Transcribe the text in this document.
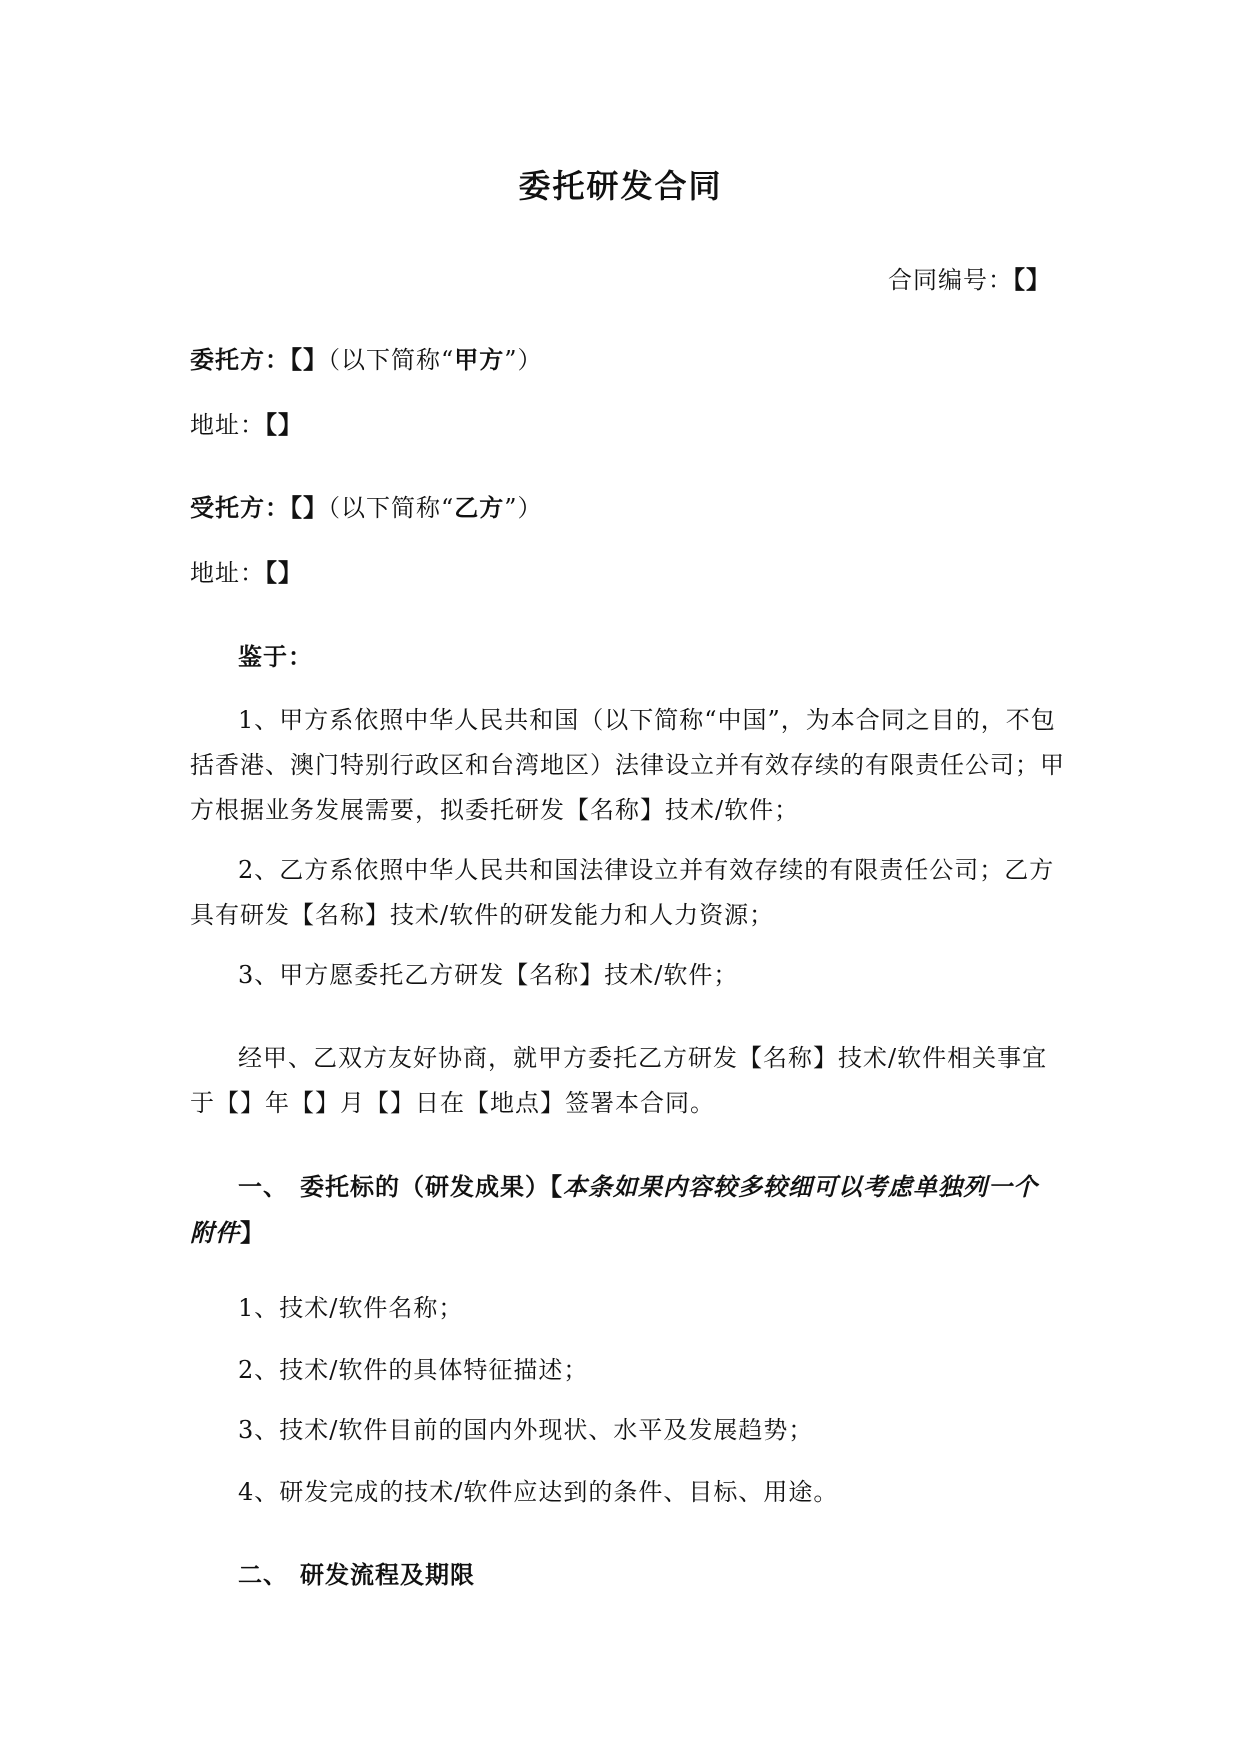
委托研发合同
合同编号：【】
委托方：【】（以下简称“甲方”）
地址：【】
受托方：【】（以下简称“乙方”）
地址：【】
鉴于：
1、甲方系依照中华人民共和国（以下简称“中国”，为本合同之目的，不包
括香港、澳门特别行政区和台湾地区）法律设立并有效存续的有限责任公司；甲
方根据业务发展需要，拟委托研发【名称】技术/软件；
2、乙方系依照中华人民共和国法律设立并有效存续的有限责任公司；乙方
具有研发【名称】技术/软件的研发能力和人力资源；
3、甲方愿委托乙方研发【名称】技术/软件；
经甲、乙双方友好协商，就甲方委托乙方研发【名称】技术/软件相关事宜
于【】年【】月【】日在【地点】签署本合同。
一、 委托标的（研发成果）【本条如果内容较多较细可以考虑单独列一个
附件】
1、技术/软件名称；
2、技术/软件的具体特征描述；
3、技术/软件目前的国内外现状、水平及发展趋势；
4、研发完成的技术/软件应达到的条件、目标、用途。
二、 研发流程及期限
